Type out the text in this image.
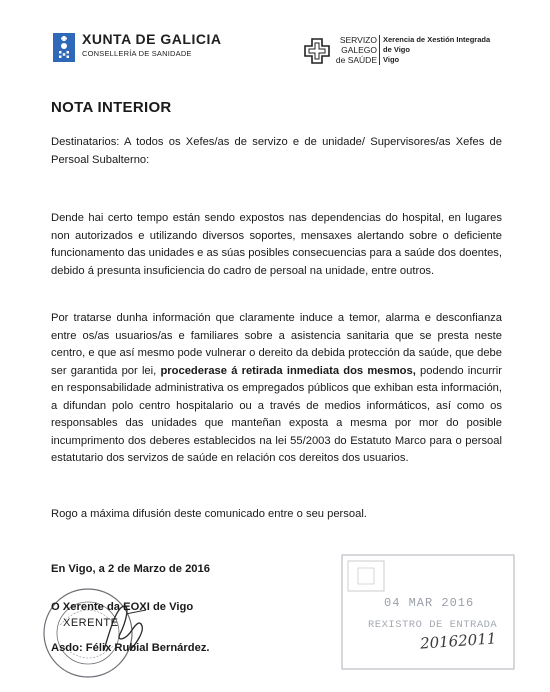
XUNTA DE GALICIA
CONSELLERÍA DE SANIDADE
SERVIZO
GALEGO
de SAÚDE
Xerencia de Xestión Integrada
de Vigo
Vigo
NOTA INTERIOR
Destinatarios: A todos os Xefes/as de servizo e de unidade/ Supervisores/as Xefes de Persoal Subalterno:
Dende hai certo tempo están sendo expostos nas dependencias do hospital, en lugares non autorizados e utilizando diversos soportes, mensaxes alertando sobre o deficiente funcionamento das unidades e as súas posibles consecuencias para a saúde dos doentes, debido á presunta insuficiencia do cadro de persoal na unidade, entre outros.
Por tratarse dunha información que claramente induce a temor, alarma e desconfianza entre os/as usuarios/as e familiares sobre a asistencia sanitaria que se presta neste centro, e que así mesmo pode vulnerar o dereito da debida protección da saúde, que debe ser garantida por lei, procederase á retirada inmediata dos mesmos, podendo incurrir en responsabilidade administrativa os empregados públicos que exhiban esta información, a difundan polo centro hospitalario ou a través de medios informáticos, así como os responsables das unidades que manteñan exposta a mesma por mor do posible incumprimento dos deberes establecidos na lei 55/2003 do Estatuto Marco para o persoal estatutario dos servizos de saúde en relación cos dereitos dos usuarios.
Rogo a máxima difusión deste comunicado entre o seu persoal.
En Vigo, a 2 de Marzo de 2016
O Xerente da EOXI de Vigo
XERENTE
Asdo: Félix Rubial Bernárdez.
04 MAR 2016
REXISTRO DE ENTRADA
20162011
